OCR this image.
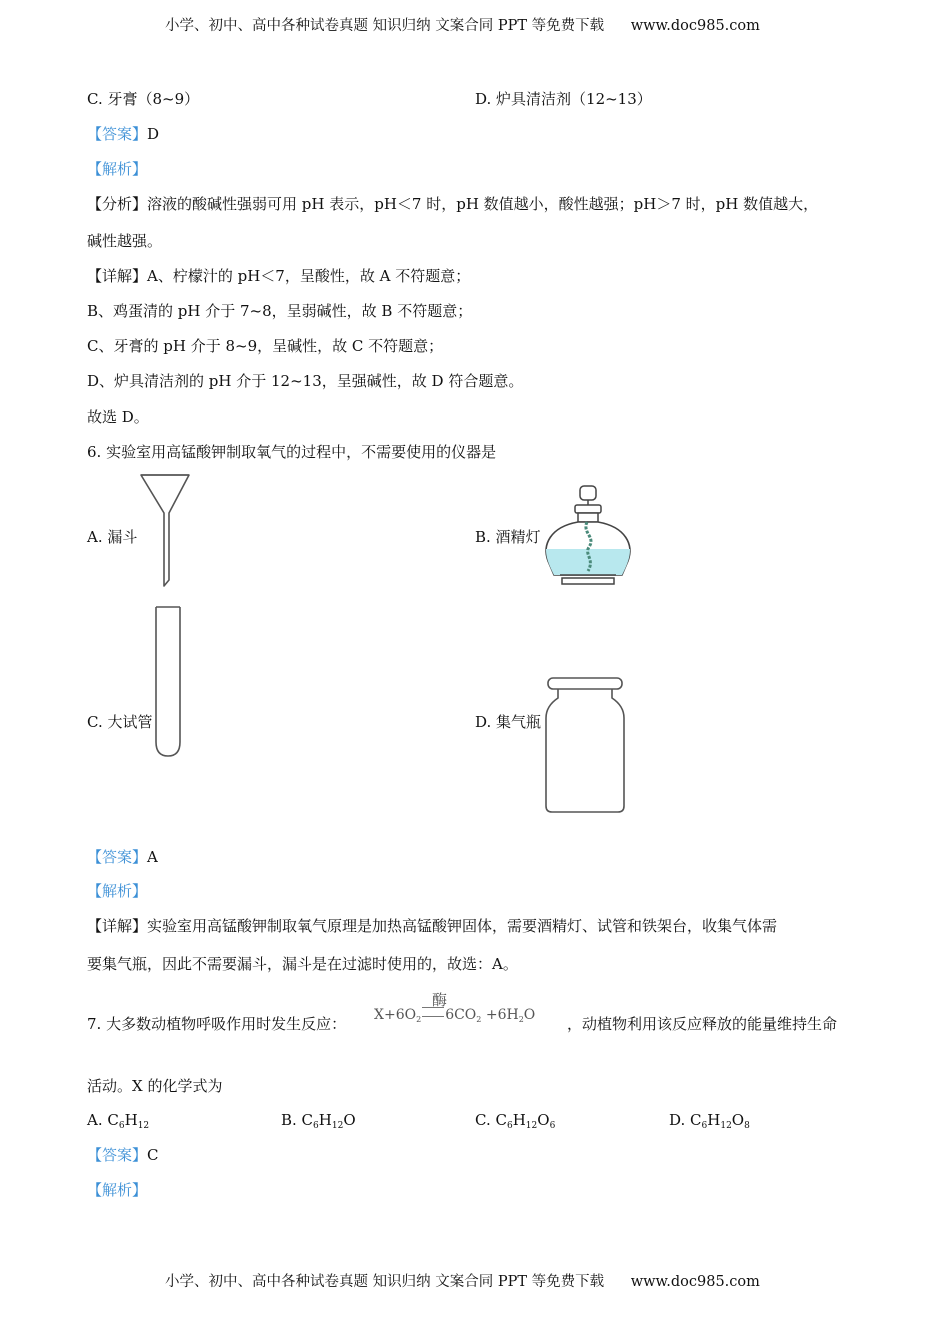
小学、初中、高中各种试卷真题 知识归纳 文案合同 PPT 等免费下载 www.doc985.com
C. 牙膏（8~9）	D. 炉具清洁剂（12~13）
【答案】D
【解析】
【分析】溶液的酸碱性强弱可用 pH 表示，pH＜7 时，pH 数值越小，酸性越强；pH＞7 时，pH 数值越大，
碱性越强。
【详解】A、柠檬汁的 pH＜7，呈酸性，故 A 不符题意；
B、鸡蛋清的 pH 介于 7~8，呈弱碱性，故 B 不符题意；
C、牙膏的 pH 介于 8~9，呈碱性，故 C 不符题意；
D、炉具清洁剂的 pH 介于 12~13，呈强碱性，故 D 符合题意。
故选 D。
6. 实验室用高锰酸钾制取氧气的过程中，不需要使用的仪器是
A. 漏斗	B. 酒精灯
C. 大试管	D. 集气瓶
【答案】A
【解析】
【详解】实验室用高锰酸钾制取氧气原理是加热高锰酸钾固体，需要酒精灯、试管和铁架台，收集气体需
要集气瓶，因此不需要漏斗，漏斗是在过滤时使用的，故选：A。
7. 大多数动植物呼吸作用时发生反应：
酶
$X+6O_2$ $6CO_2 +6H_2O$ ，动植物利用该反应释放的能量维持生命
活动。X 的化学式为
A. $C_6H_{12}$	B. $C_6H_{12}O$	C. $C_6H_{12}O_6$	D. $C_6H_{12}O_8$
【答案】C
【解析】
小学、初中、高中各种试卷真题 知识归纳 文案合同 PPT 等免费下载 www.doc985.com
